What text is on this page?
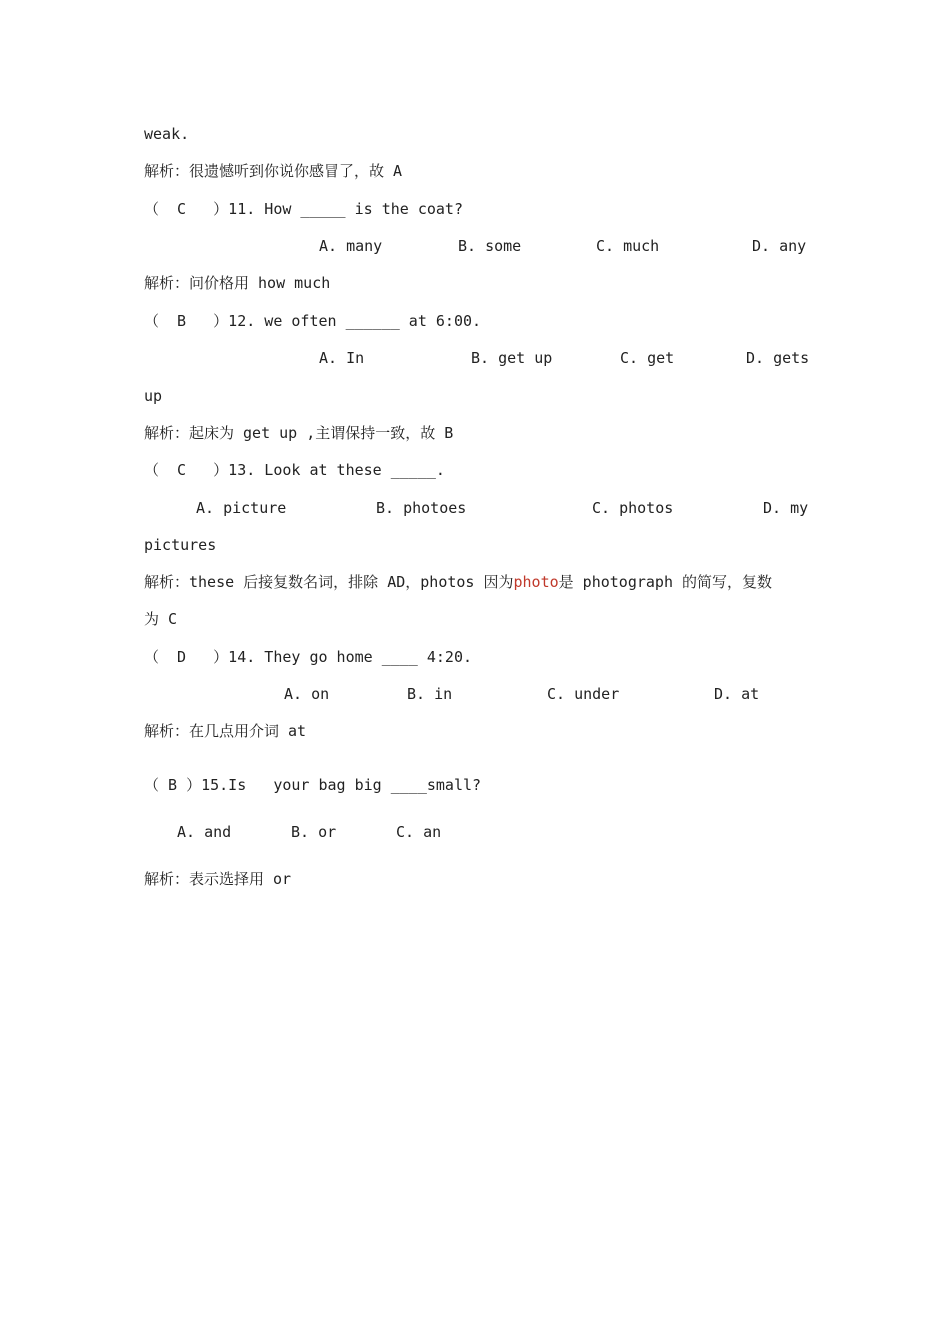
weak.
解析：很遗憾听到你说你感冒了，故 A
（  C   ）11. How _____ is the coat?
A. many	B. some	C. much	D. any
解析：问价格用 how much
（  B   ）12. we often ______ at 6:00.
A. In	B. get up	C. get	D. gets
up
解析：起床为 get up ,主谓保持一致，故 B
（  C   ）13. Look at these _____.
A. picture	B. photoes	C. photos	D. my
pictures
解析：these 后接复数名词，排除 AD，photos 因为photo是 photograph 的简写，复数
为 C
（  D   ）14. They go home ____ 4:20.
A. on	B. in	C. under	D. at
解析：在几点用介词 at
（ B ）15.Is   your bag big ____small?
A. and	B. or	C. an
解析：表示选择用 or
